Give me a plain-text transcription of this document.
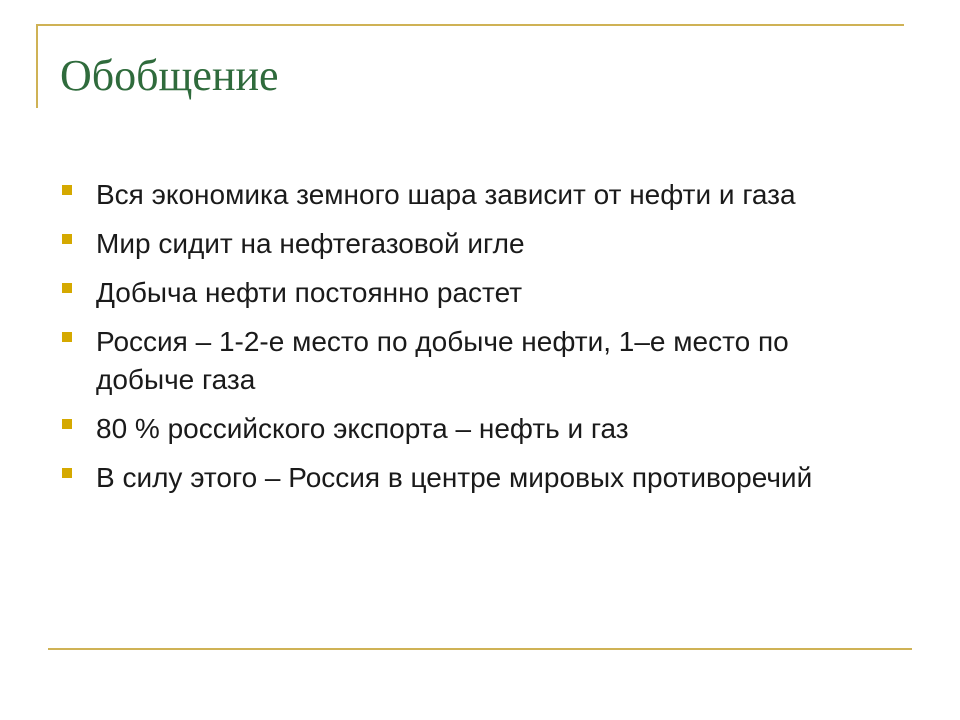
Обобщение
Вся экономика земного шара зависит от нефти и газа
Мир сидит на нефтегазовой игле
Добыча нефти постоянно растет
Россия – 1-2-е место по добыче нефти, 1–е место по добыче газа
80 % российского экспорта – нефть и газ
В силу этого – Россия в центре мировых противоречий
